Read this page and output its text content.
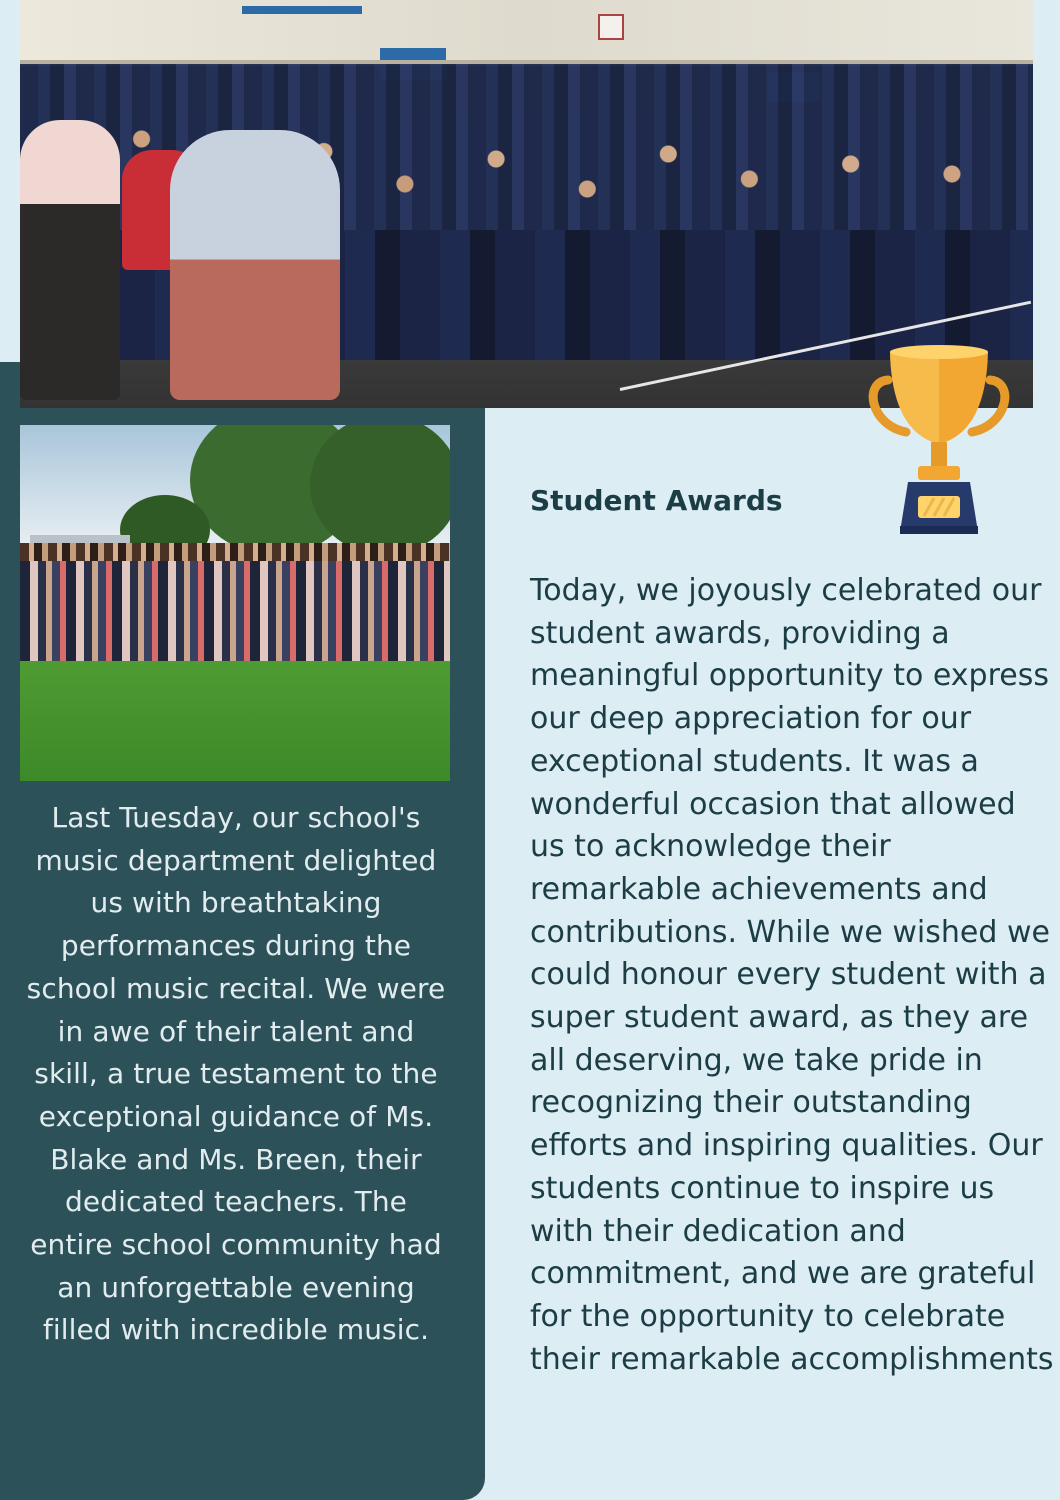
Last Tuesday, our school's music department delighted us with breathtaking performances during the school music recital. We were in awe of their talent and skill, a true testament to the exceptional guidance of Ms. Blake and Ms. Breen, their dedicated teachers. The entire school community had an unforgettable evening filled with incredible music.
Student Awards
Today, we joyously celebrated our student awards, providing a meaningful opportunity to express our deep appreciation for our exceptional students. It was a wonderful occasion that allowed us to acknowledge their remarkable achievements and contributions. While we wished we could honour every student with a super student award, as they are all deserving, we take pride in recognizing their outstanding efforts and inspiring qualities. Our students continue to inspire us with their dedication and commitment, and we are grateful for the opportunity to celebrate their remarkable accomplishments
